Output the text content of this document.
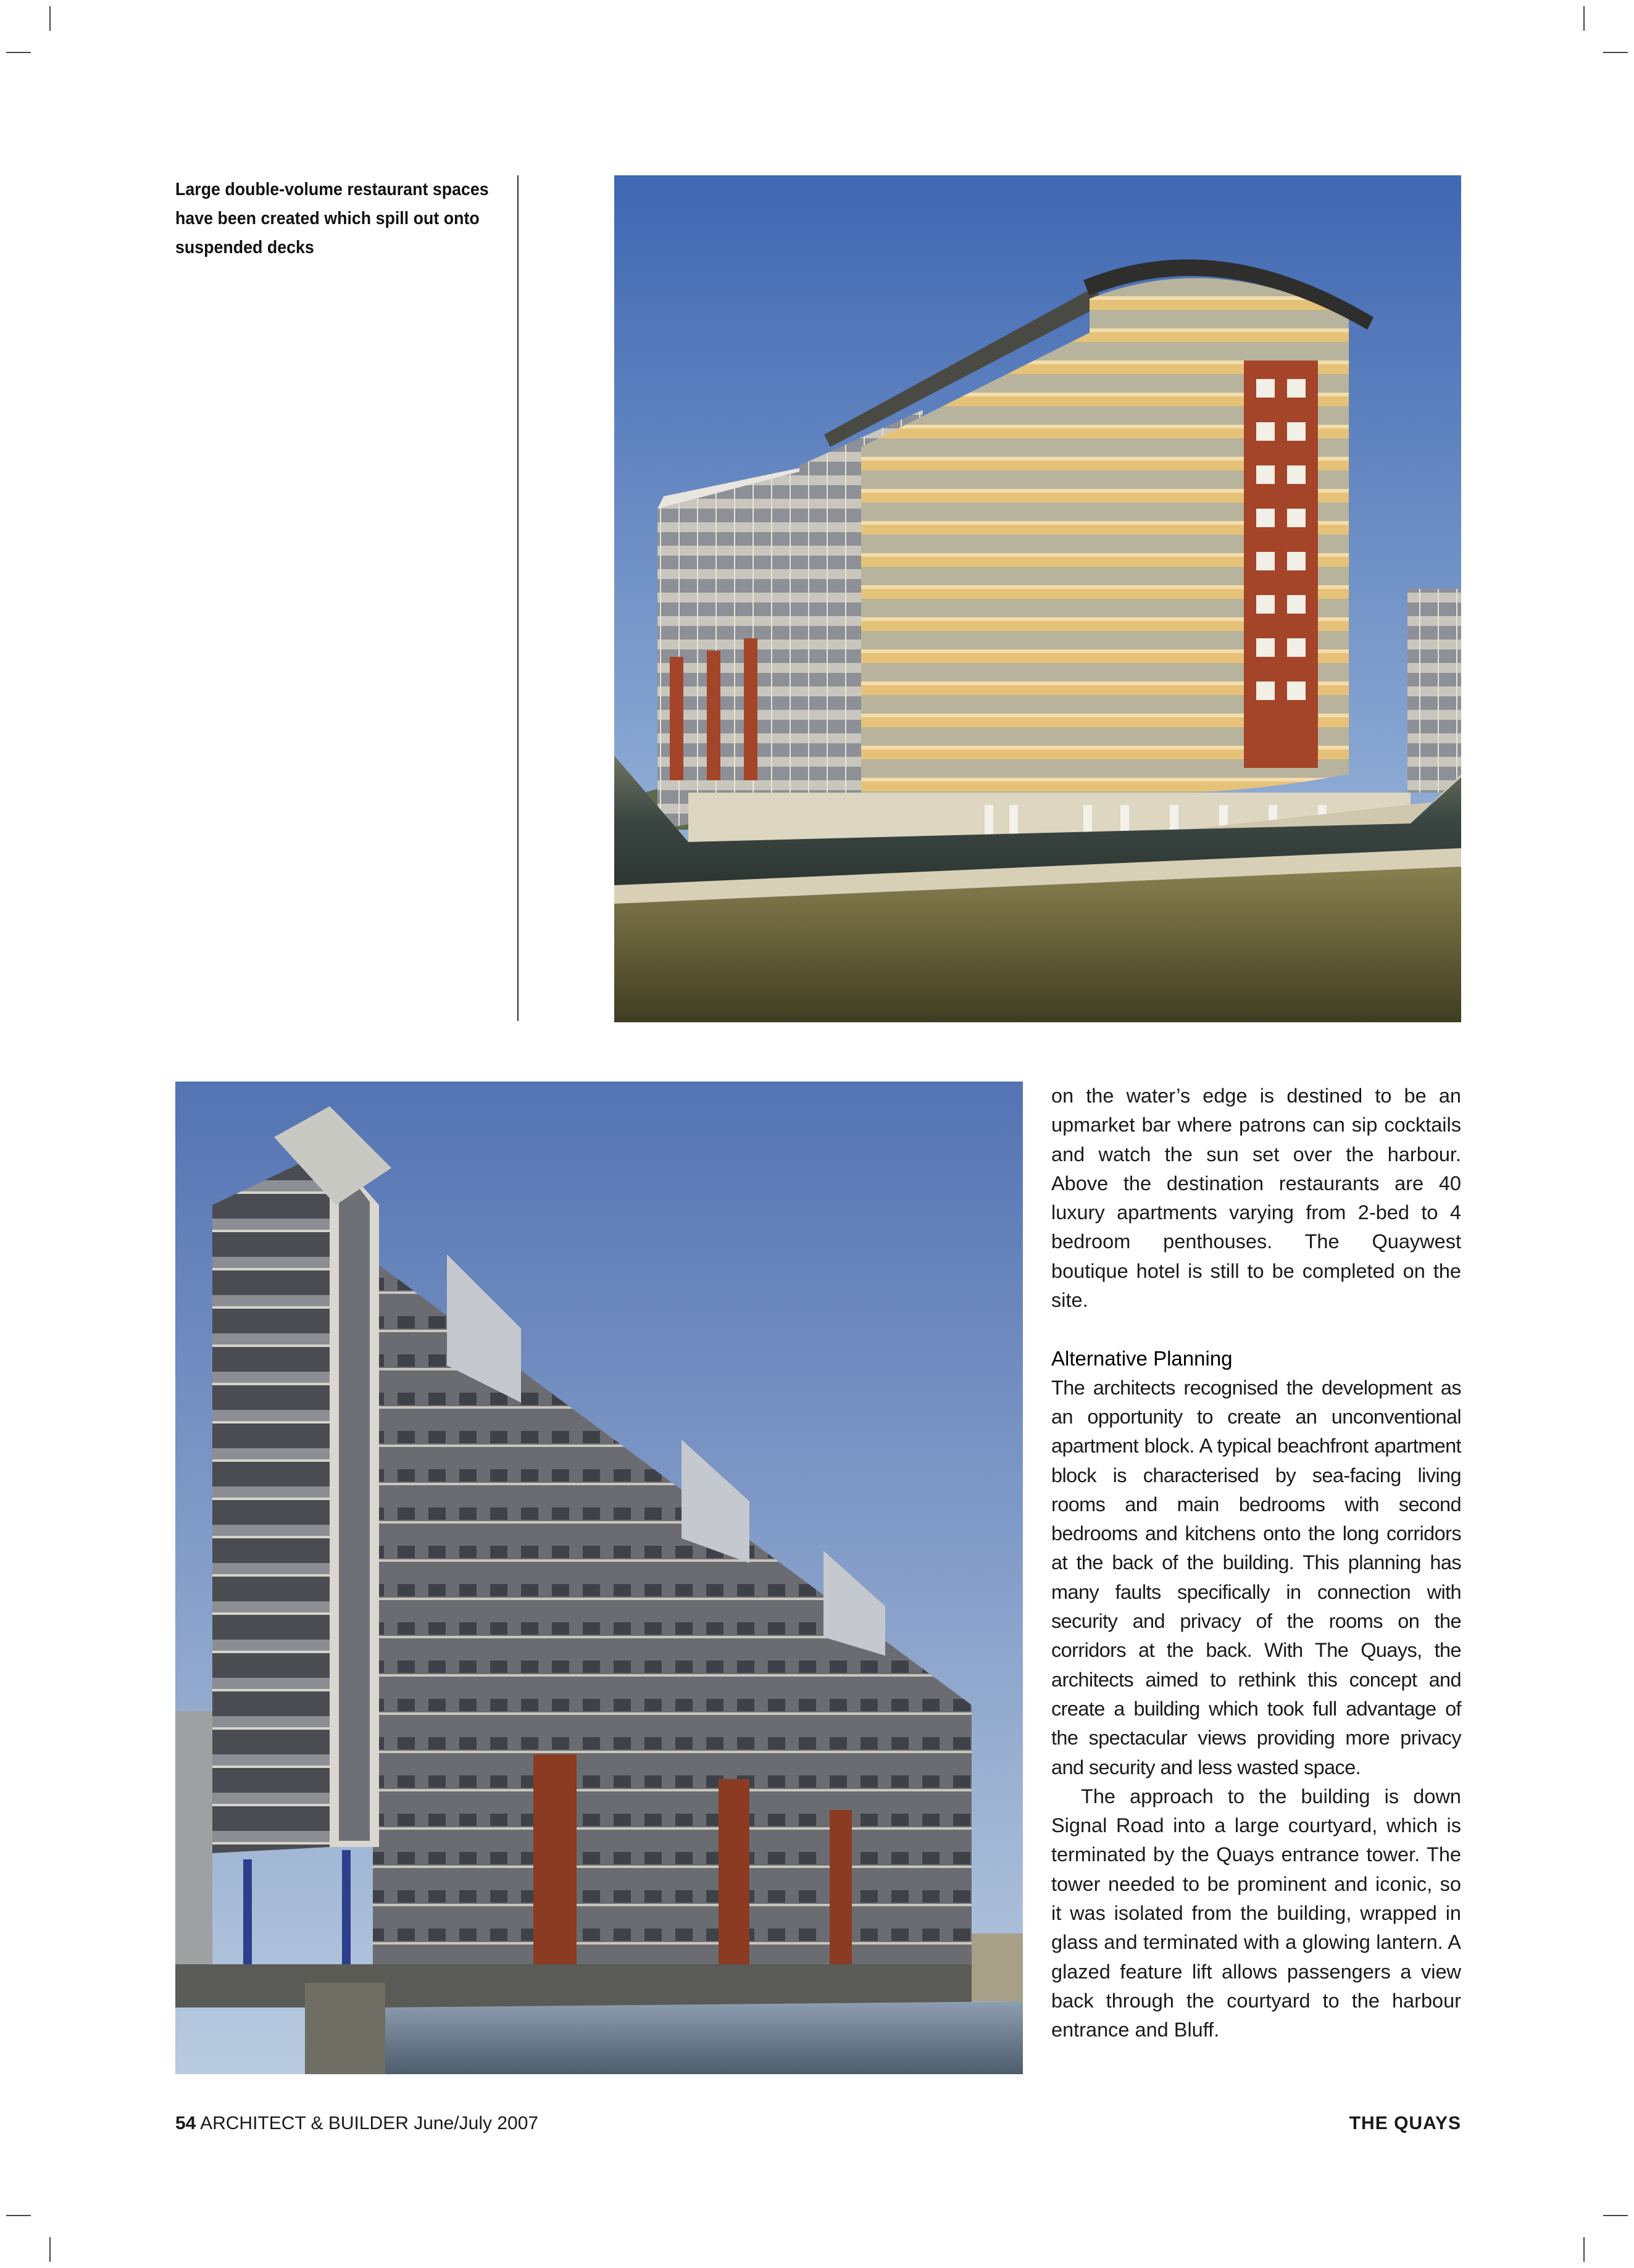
Large double-volume restaurant spaces
have been created which spill out onto
suspended decks

on the water’s edge is destined to be an upmarket bar where patrons can sip cocktails and watch the sun set over the harbour. Above the destination restaurants are 40 luxury apartments varying from 2-bed to 4 bedroom penthouses. The Quaywest boutique hotel is still to be completed on the site.

Alternative Planning

The architects recognised the development as an opportunity to create an unconventional apartment block. A typical beachfront apartment block is characterised by sea-facing living rooms and main bedrooms with second bedrooms and kitchens onto the long corridors at the back of the building. This planning has many faults specifically in connection with security and privacy of the rooms on the corridors at the back. With The Quays, the architects aimed to rethink this concept and create a building which took full advantage of the spectacular views providing more privacy and security and less wasted space.

The approach to the building is down Signal Road into a large courtyard, which is terminated by the Quays entrance tower. The tower needed to be prominent and iconic, so it was isolated from the building, wrapped in glass and terminated with a glowing lantern. A glazed feature lift allows passengers a view back through the courtyard to the harbour entrance and Bluff.

54 ARCHITECT & BUILDER June/July 2007	THE QUAYS
